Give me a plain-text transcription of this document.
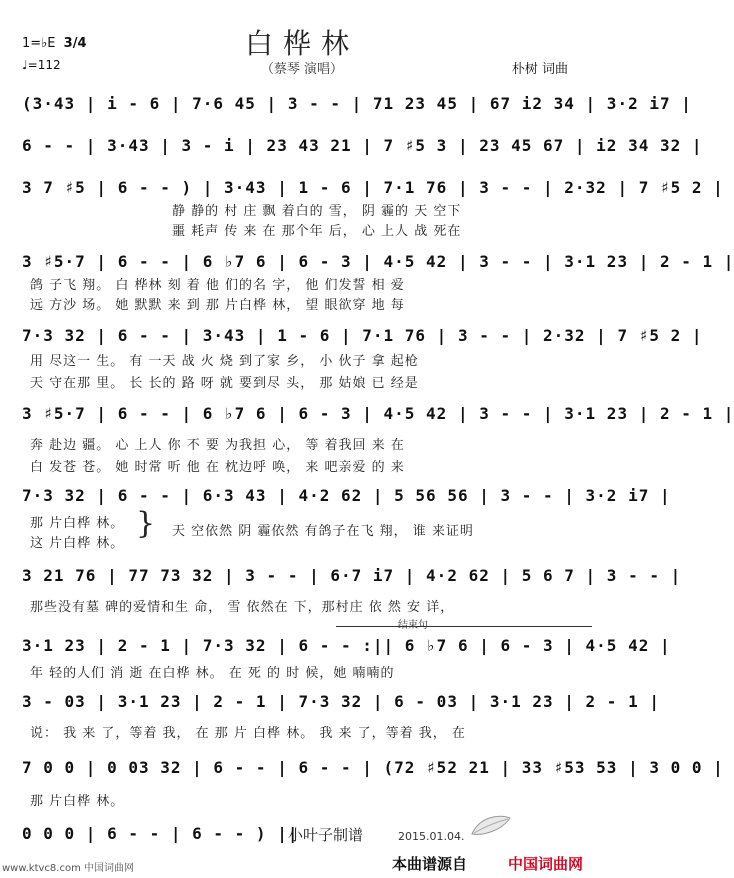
白桦林
（蔡琴 演唱）
1=♭E 3/4
♩=112	朴树 词曲
(3·43 | i - 6 | 7·6 45 | 3 - - | 71 23 45 | 67 i2 34 | 3·2 i7 |
6 - - | 3·43 | 3 - i | 23 43 21 | 7 ♯5 3 | 23 45 67 | i2 34 32 |
3 7 ♯5 | 6 - - ) | 3·43 | 1 - 6 | 7·1 76 | 3 - - | 2·32 | 7 ♯5 2 |
静 静的 村 庄 飘 着白的 雪， 阴 霾的 天 空下
噩 耗声 传 来 在 那个年 后， 心 上人 战 死在
3 ♯5·7 | 6 - - | 6 ♭7 6 | 6 - 3 | 4·5 42 | 3 - - | 3·1 23 | 2 - 1 |
鸽 子飞 翔。 白 桦林 刻 着 他 们的名 字， 他 们发誓 相 爱
远 方沙 场。 她 默默 来 到 那 片白桦 林， 望 眼欲穿 地 每
7·3 32 | 6 - - | 3·43 | 1 - 6 | 7·1 76 | 3 - - | 2·32 | 7 ♯5 2 |
用 尽这一 生。 有 一天 战 火 烧 到了家 乡， 小 伙子 拿 起枪
天 守在那 里。 长 长的 路 呀 就 要到尽 头， 那 姑娘 已 经是
3 ♯5·7 | 6 - - | 6 ♭7 6 | 6 - 3 | 4·5 42 | 3 - - | 3·1 23 | 2 - 1 |
奔 赴边 疆。 心 上人 你 不 要 为我担 心， 等 着我回 来 在
白 发苍 苍。 她 时常 听 他 在 枕边呼 唤， 来 吧亲爱 的 来
7·3 32 | 6 - - | 6·3 43 | 4·2 62 | 5 56 56 | 3 - - | 3·2 i7 |
那 片白桦 林。
这 片白桦 林。
} 天 空依然 阴 霾依然 有鸽子在飞 翔， 谁 来证明
3 21 76 | 77 73 32 | 3 - - | 6·7 i7 | 4·2 62 | 5 6 7 | 3 - - |
那些没有墓 碑的爱情和生 命， 雪 依然在 下，那村庄 依 然 安 详，
结束句
3·1 23 | 2 - 1 | 7·3 32 | 6 - - :|| 6 ♭7 6 | 6 - 3 | 4·5 42 |
年 轻的人们 消 逝 在白桦 林。 在 死 的 时 候，她 喃喃的
3 - 03 | 3·1 23 | 2 - 1 | 7·3 32 | 6 - 03 | 3·1 23 | 2 - 1 |
说： 我 来 了，等着 我， 在 那 片 白桦 林。 我 来 了，等着 我， 在
7 0 0 | 0 03 32 | 6 - - | 6 - - | (72 ♯52 21 | 33 ♯53 53 | 3 0 0 |
那 片白桦 林。
0 0 0 | 6 - - | 6 - - ) ||
小叶子制谱	2015.01.04.
www.ktvc8.com 中国词曲网	本曲谱源自	中国词曲网
